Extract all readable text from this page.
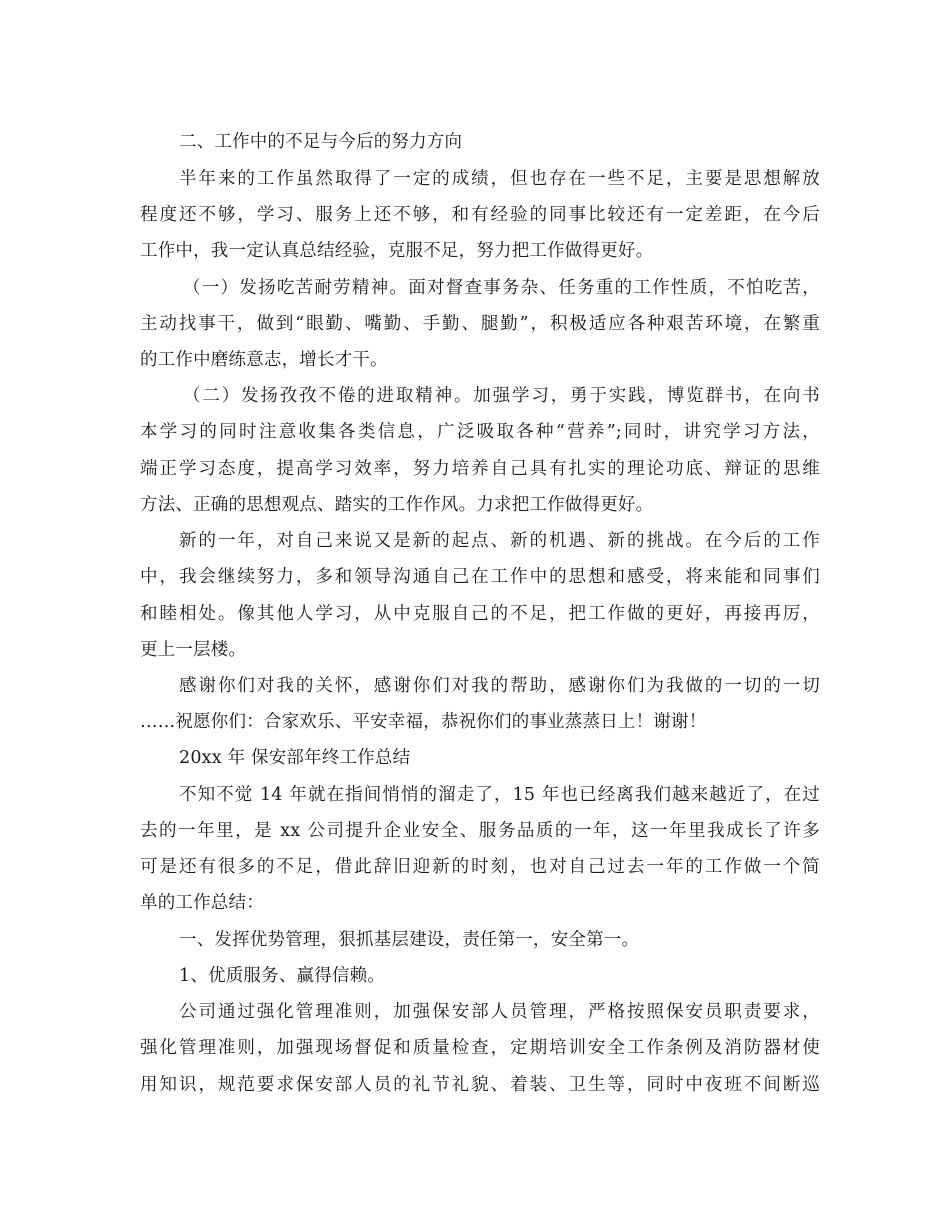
二、工作中的不足与今后的努力方向
半年来的工作虽然取得了一定的成绩，但也存在一些不足，主要是思想解放
程度还不够，学习、服务上还不够，和有经验的同事比较还有一定差距，在今后
工作中，我一定认真总结经验，克服不足，努力把工作做得更好。
（一）发扬吃苦耐劳精神。面对督查事务杂、任务重的工作性质，不怕吃苦，
主动找事干，做到“眼勤、嘴勤、手勤、腿勤”，积极适应各种艰苦环境，在繁重
的工作中磨练意志，增长才干。
（二）发扬孜孜不倦的进取精神。加强学习，勇于实践，博览群书，在向书
本学习的同时注意收集各类信息，广泛吸取各种“营养”;同时，讲究学习方法，
端正学习态度，提高学习效率，努力培养自己具有扎实的理论功底、辩证的思维
方法、正确的思想观点、踏实的工作作风。力求把工作做得更好。
新的一年，对自己来说又是新的起点、新的机遇、新的挑战。在今后的工作
中，我会继续努力，多和领导沟通自己在工作中的思想和感受，将来能和同事们
和睦相处。像其他人学习，从中克服自己的不足，把工作做的更好，再接再厉，
更上一层楼。
感谢你们对我的关怀，感谢你们对我的帮助，感谢你们为我做的一切的一切
……祝愿你们：合家欢乐、平安幸福，恭祝你们的事业蒸蒸日上！谢谢！
20xx 年 保安部年终工作总结
不知不觉 14 年就在指间悄悄的溜走了，15 年也已经离我们越来越近了，在过
去的一年里，是 xx 公司提升企业安全、服务品质的一年，这一年里我成长了许多
可是还有很多的不足，借此辞旧迎新的时刻，也对自己过去一年的工作做一个简
单的工作总结：
一、发挥优势管理，狠抓基层建设，责任第一，安全第一。
1、优质服务、赢得信赖。
公司通过强化管理准则，加强保安部人员管理，严格按照保安员职责要求，
强化管理准则，加强现场督促和质量检查，定期培训安全工作条例及消防器材使
用知识，规范要求保安部人员的礼节礼貌、着装、卫生等，同时中夜班不间断巡
